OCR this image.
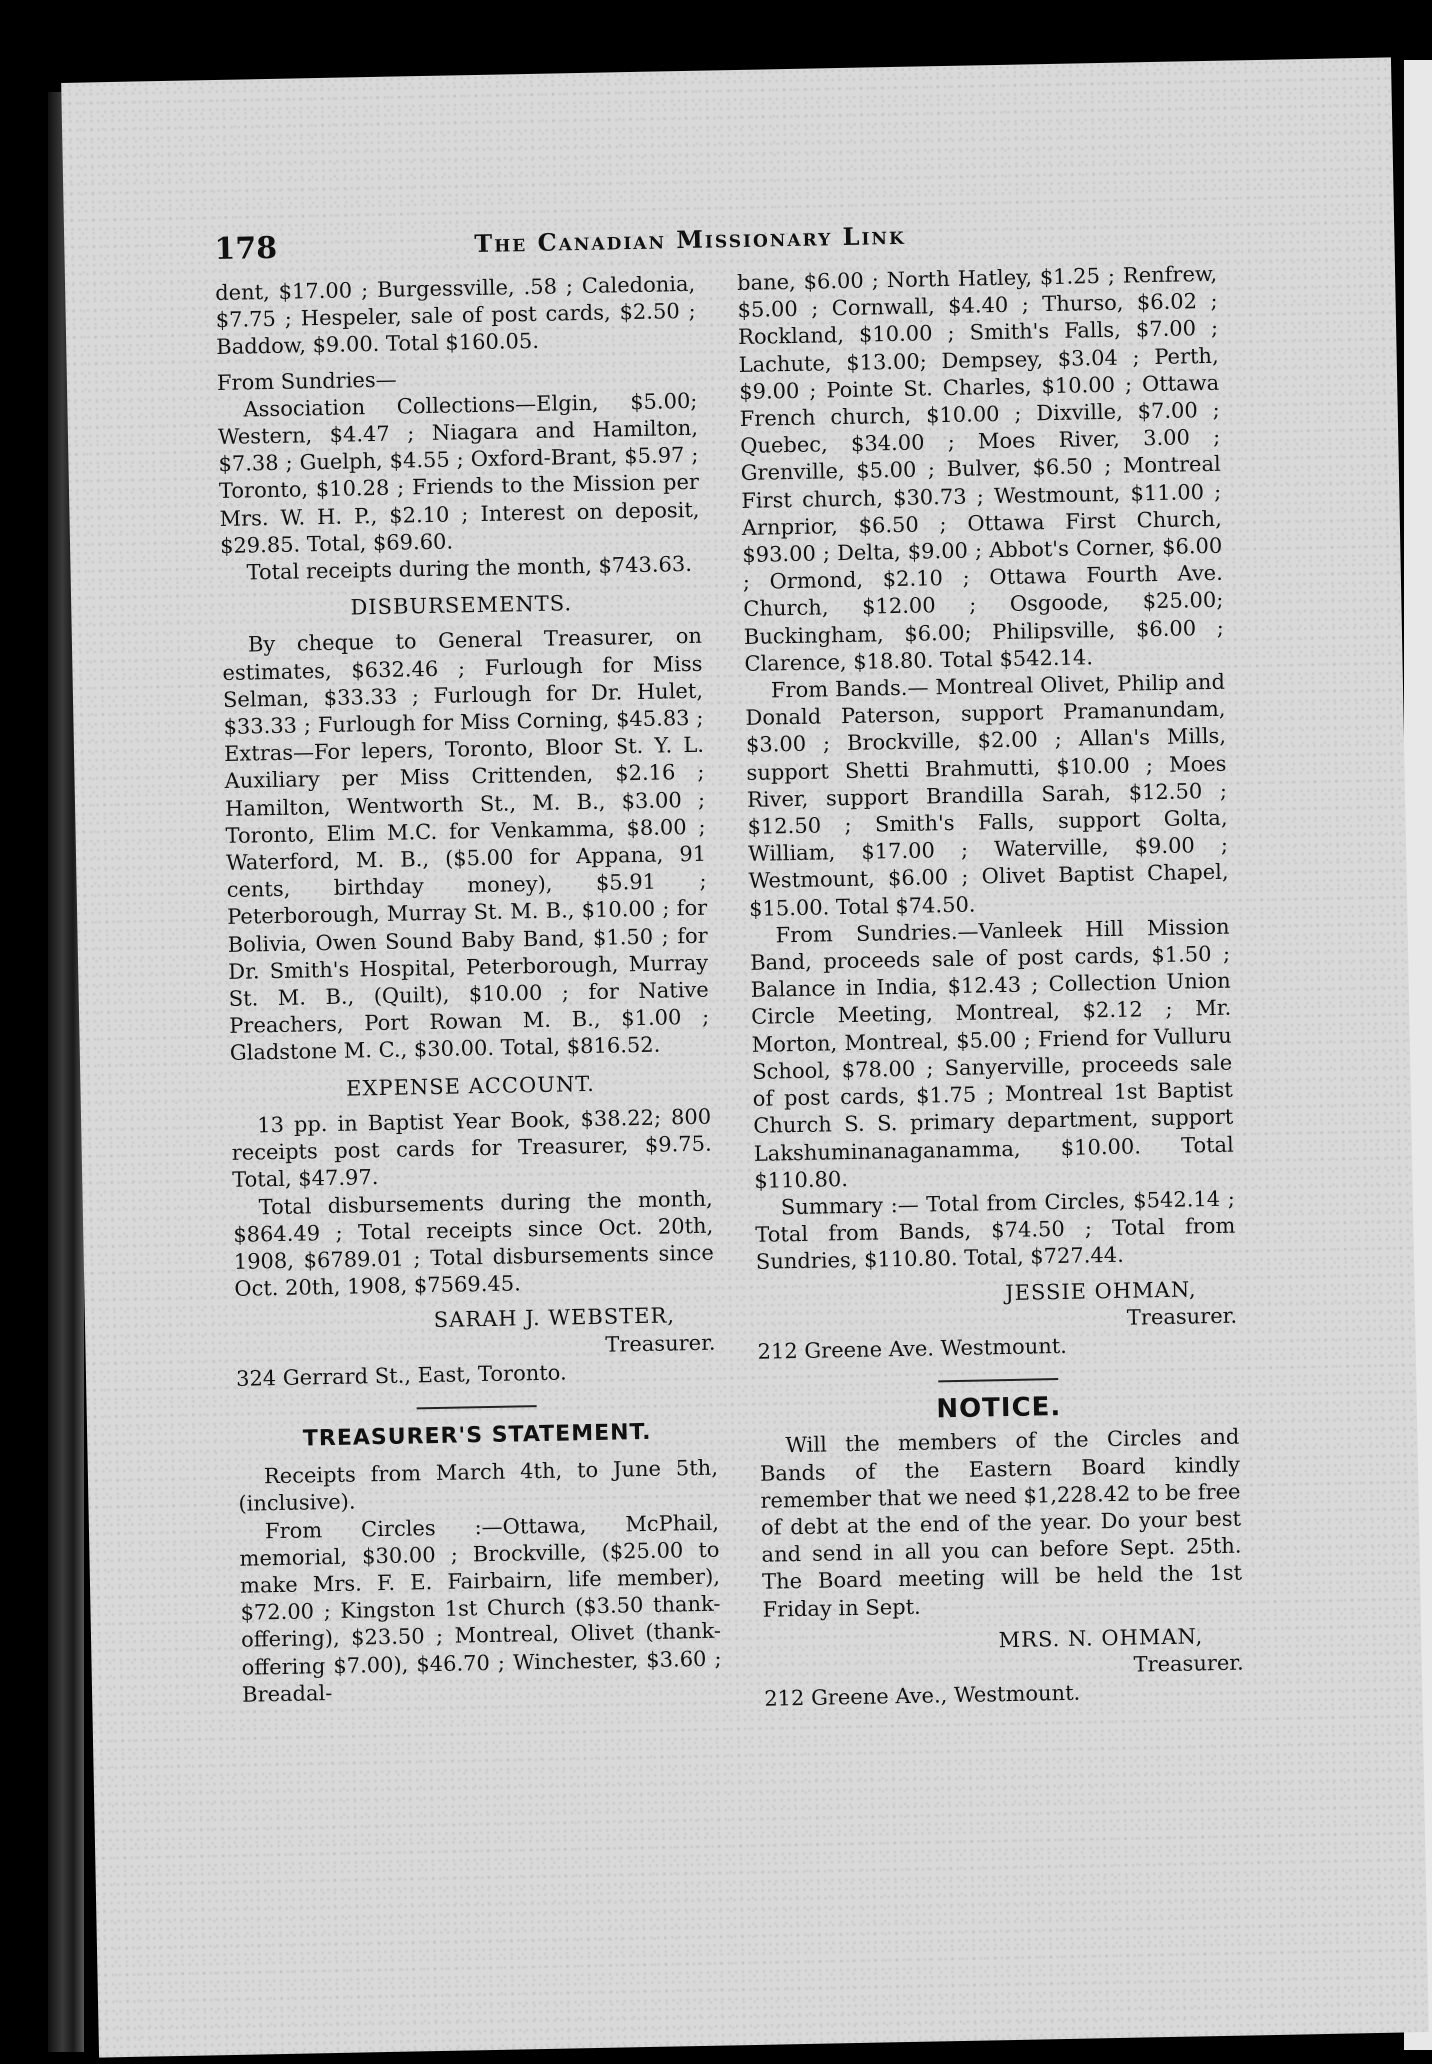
178	The Canadian Missionary Link

dent, $17.00 ; Burgessville, .58 ; Caledonia, $7.75 ; Hespeler, sale of post cards, $2.50 ; Baddow, $9.00. Total $160.05.

From Sundries—

Association Collections—Elgin, $5.00; Western, $4.47 ; Niagara and Hamilton, $7.38 ; Guelph, $4.55 ; Oxford-Brant, $5.97 ; Toronto, $10.28 ; Friends to the Mission per Mrs. W. H. P., $2.10 ; Interest on deposit, $29.85. Total, $69.60.

Total receipts during the month, $743.63.

DISBURSEMENTS.

By cheque to General Treasurer, on estimates, $632.46 ; Furlough for Miss Selman, $33.33 ; Furlough for Dr. Hulet, $33.33 ; Furlough for Miss Corning, $45.83 ; Extras—For lepers, Toronto, Bloor St. Y. L. Auxiliary per Miss Crittenden, $2.16 ; Hamilton, Wentworth St., M. B., $3.00 ; Toronto, Elim M.C. for Venkamma, $8.00 ; Waterford, M. B., ($5.00 for Appana, 91 cents, birthday money), $5.91 ; Peterborough, Murray St. M. B., $10.00 ; for Bolivia, Owen Sound Baby Band, $1.50 ; for Dr. Smith's Hospital, Peterborough, Murray St. M. B., (Quilt), $10.00 ; for Native Preachers, Port Rowan M. B., $1.00 ; Gladstone M. C., $30.00. Total, $816.52.

EXPENSE ACCOUNT.

13 pp. in Baptist Year Book, $38.22; 800 receipts post cards for Treasurer, $9.75. Total, $47.97.

Total disbursements during the month, $864.49 ; Total receipts since Oct. 20th, 1908, $6789.01 ; Total disbursements since Oct. 20th, 1908, $7569.45.

SARAH J. WEBSTER,
Treasurer.

324 Gerrard St., East, Toronto.

TREASURER'S STATEMENT.

Receipts from March 4th, to June 5th, (inclusive).

From Circles :—Ottawa, McPhail, memorial, $30.00 ; Brockville, ($25.00 to make Mrs. F. E. Fairbairn, life member), $72.00 ; Kingston 1st Church ($3.50 thank-offering), $23.50 ; Montreal, Olivet (thank-offering $7.00), $46.70 ; Winchester, $3.60 ; Breadal-

bane, $6.00 ; North Hatley, $1.25 ; Renfrew, $5.00 ; Cornwall, $4.40 ; Thurso, $6.02 ; Rockland, $10.00 ; Smith's Falls, $7.00 ; Lachute, $13.00; Dempsey, $3.04 ; Perth, $9.00 ; Pointe St. Charles, $10.00 ; Ottawa French church, $10.00 ; Dixville, $7.00 ; Quebec, $34.00 ; Moes River, 3.00 ; Grenville, $5.00 ; Bulver, $6.50 ; Montreal First church, $30.73 ; Westmount, $11.00 ; Arnprior, $6.50 ; Ottawa First Church, $93.00 ; Delta, $9.00 ; Abbot's Corner, $6.00 ; Ormond, $2.10 ; Ottawa Fourth Ave. Church, $12.00 ; Osgoode, $25.00; Buckingham, $6.00; Philipsville, $6.00 ; Clarence, $18.80. Total $542.14.

From Bands.— Montreal Olivet, Philip and Donald Paterson, support Pramanundam, $3.00 ; Brockville, $2.00 ; Allan's Mills, support Shetti Brahmutti, $10.00 ; Moes River, support Brandilla Sarah, $12.50 ; $12.50 ; Smith's Falls, support Golta, William, $17.00 ; Waterville, $9.00 ; Westmount, $6.00 ; Olivet Baptist Chapel, $15.00. Total $74.50.

From Sundries.—Vanleek Hill Mission Band, proceeds sale of post cards, $1.50 ; Balance in India, $12.43 ; Collection Union Circle Meeting, Montreal, $2.12 ; Mr. Morton, Montreal, $5.00 ; Friend for Vulluru School, $78.00 ; Sanyerville, proceeds sale of post cards, $1.75 ; Montreal 1st Baptist Church S. S. primary department, support Lakshuminanaganamma, $10.00. Total $110.80.

Summary :— Total from Circles, $542.14 ; Total from Bands, $74.50 ; Total from Sundries, $110.80. Total, $727.44.

JESSIE OHMAN,
Treasurer.

212 Greene Ave. Westmount.

NOTICE.

Will the members of the Circles and Bands of the Eastern Board kindly remember that we need $1,228.42 to be free of debt at the end of the year. Do your best and send in all you can before Sept. 25th. The Board meeting will be held the 1st Friday in Sept.

MRS. N. OHMAN,
Treasurer.

212 Greene Ave., Westmount.
